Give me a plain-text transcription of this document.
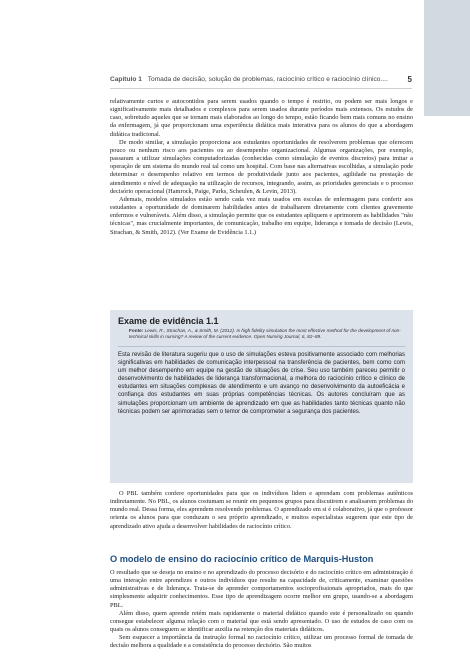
Capítulo 1 Tomada de decisão, solução de problemas, raciocínio crítico e raciocínio clínico.... 5

relativamente curtos e autocontidos para serem usados quando o tempo é restrito, ou podem ser mais longos e significativamente mais detalhados e complexos para serem usados durante períodos mais extensos. Os estudos de caso, sobretudo aqueles que se tornam mais elaborados ao longo do tempo, estão ficando bem mais comuns no ensino da enfermagem, já que proporcionam uma experiência didática mais interativa para os alunos do que a abordagem didática tradicional.

De modo similar, a simulação proporciona aos estudantes oportunidades de resolverem problemas que oferecem pouco ou nenhum risco aos pacientes ou ao desempenho organizacional. Algumas organizações, por exemplo, passaram a utilizar simulações computadorizadas (conhecidas como simulação de eventos discretos) para imitar a operação de um sistema do mundo real tal como um hospital. Com base nas alternativas escolhidas, a simulação pode determinar o desempenho relativo em termos de produtividade junto aos pacientes, agilidade na prestação de atendimento e nível de adequação na utilização de recursos, integrando, assim, as prioridades gerenciais e o processo decisório operacional (Hamrock, Paige, Parks, Scheulen, & Levin, 2013).

Ademais, modelos simulados estão sendo cada vez mais usados em escolas de enfermagem para conferir aos estudantes a oportunidade de dominarem habilidades antes de trabalharem diretamente com clientes gravemente enfermos e vulneráveis. Além disso, a simulação permite que os estudantes apliquem e aprimorem as habilidades "não técnicas", mas crucialmente importantes, de comunicação, trabalho em equipe, liderança e tomada de decisão (Lewis, Strachan, & Smith, 2012). (Ver Exame de Evidência 1.1.)

Exame de evidência 1.1
Fonte: Lewis, R., Strachan, A., & Smith, M. (2012). Is high fidelity simulation the most effective method for the development of non-technical skills in nursing? A review of the current evidence. Open Nursing Journal, 6, 82–89.
Esta revisão de literatura sugeriu que o uso de simulações esteva positivamente associado com melhorias significativas em habilidades de comunicação interpessoal na transferência de pacientes, bem como com um melhor desempenho em equipe na gestão de situações de crise. Seu uso também pareceu permitir o desenvolvimento de habilidades de liderança transformacional, a melhora do raciocínio crítico e clínico de estudantes em situações complexas de atendimento e um avanço no desenvolvimento da autoeficácia e confiança dos estudantes em suas próprias competências técnicas. Os autores concluíram que as simulações proporcionam um ambiente de aprendizado em que as habilidades tanto técnicas quanto não técnicas podem ser aprimoradas sem o temor de comprometer a segurança dos pacientes.

O PBL também confere oportunidades para que os indivíduos lidem e aprendam com problemas autênticos indiretamente. No PBL, os alunos costumam se reunir em pequenos grupos para discutirem e analisarem problemas do mundo real. Dessa forma, eles aprendem resolvendo problemas. O aprendizado em si é colaborativo, já que o professor orienta os alunos para que conduzam o seu próprio aprendizado, e muitos especialistas sugerem que este tipo de aprendizado ativo ajuda a desenvolver habilidades de raciocínio crítico.

O modelo de ensino do raciocínio crítico de Marquis-Huston

O resultado que se deseja no ensino e no aprendizado do processo decisório e do raciocínio crítico em administração é uma interação entre aprendizes e outros indivíduos que resulte na capacidade de, criticamente, examinar questões administrativas e de liderança. Trata-se de aprender comportamentos socioprofissionais apropriados, mais do que simplesmente adquirir conhecimentos. Esse tipo de aprendizagem ocorre melhor em grupo, usando-se a abordagem PBL.

Além disso, quem aprende retém mais rapidamente o material didático quando este é personalizado ou quando consegue estabelecer alguma relação com o material que está sendo apresentado. O uso de estudos de caso com os quais os alunos conseguem se identificar auxilia na retenção dos materiais didáticos.

Sem esquecer a importância da instrução formal no raciocínio crítico, utilizar um processo formal de tomada de decisão melhora a qualidade e a consistência do processo decisório. São muitos
